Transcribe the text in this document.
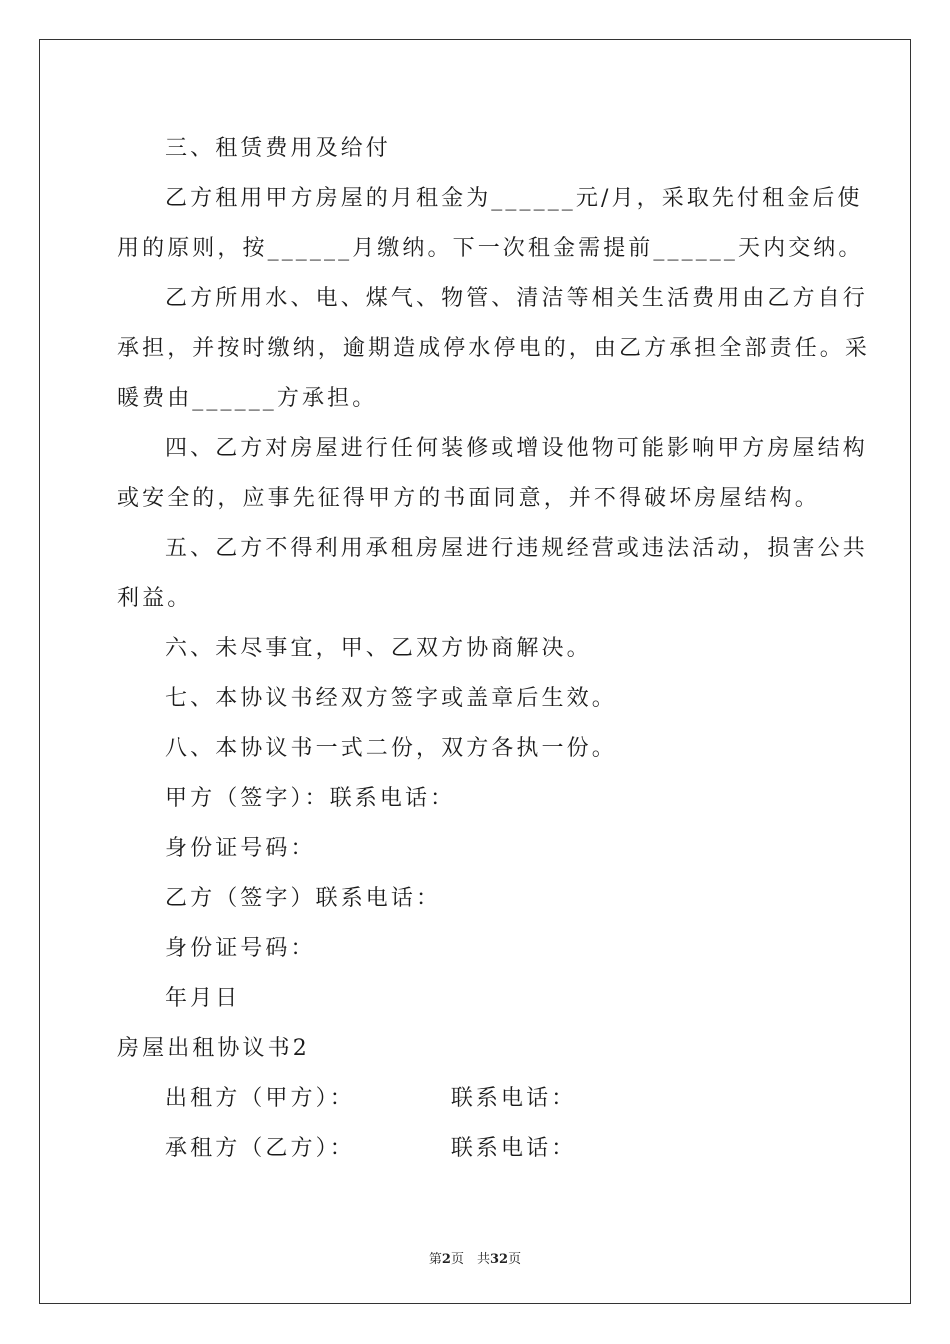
三、租赁费用及给付
乙方租用甲方房屋的月租金为______元/月，采取先付租金后使
用的原则，按______月缴纳。下一次租金需提前______天内交纳。
乙方所用水、电、煤气、物管、清洁等相关生活费用由乙方自行
承担，并按时缴纳，逾期造成停水停电的，由乙方承担全部责任。采
暖费由______方承担。
四、乙方对房屋进行任何装修或增设他物可能影响甲方房屋结构
或安全的，应事先征得甲方的书面同意，并不得破坏房屋结构。
五、乙方不得利用承租房屋进行违规经营或违法活动，损害公共
利益。
六、未尽事宜，甲、乙双方协商解决。
七、本协议书经双方签字或盖章后生效。
八、本协议书一式二份，双方各执一份。
甲方（签字）：联系电话：
身份证号码：
乙方（签字）联系电话：
身份证号码：
年月日
房屋出租协议书2
出租方（甲方）：	联系电话：
承租方（乙方）：	联系电话：
第2页　共32页
